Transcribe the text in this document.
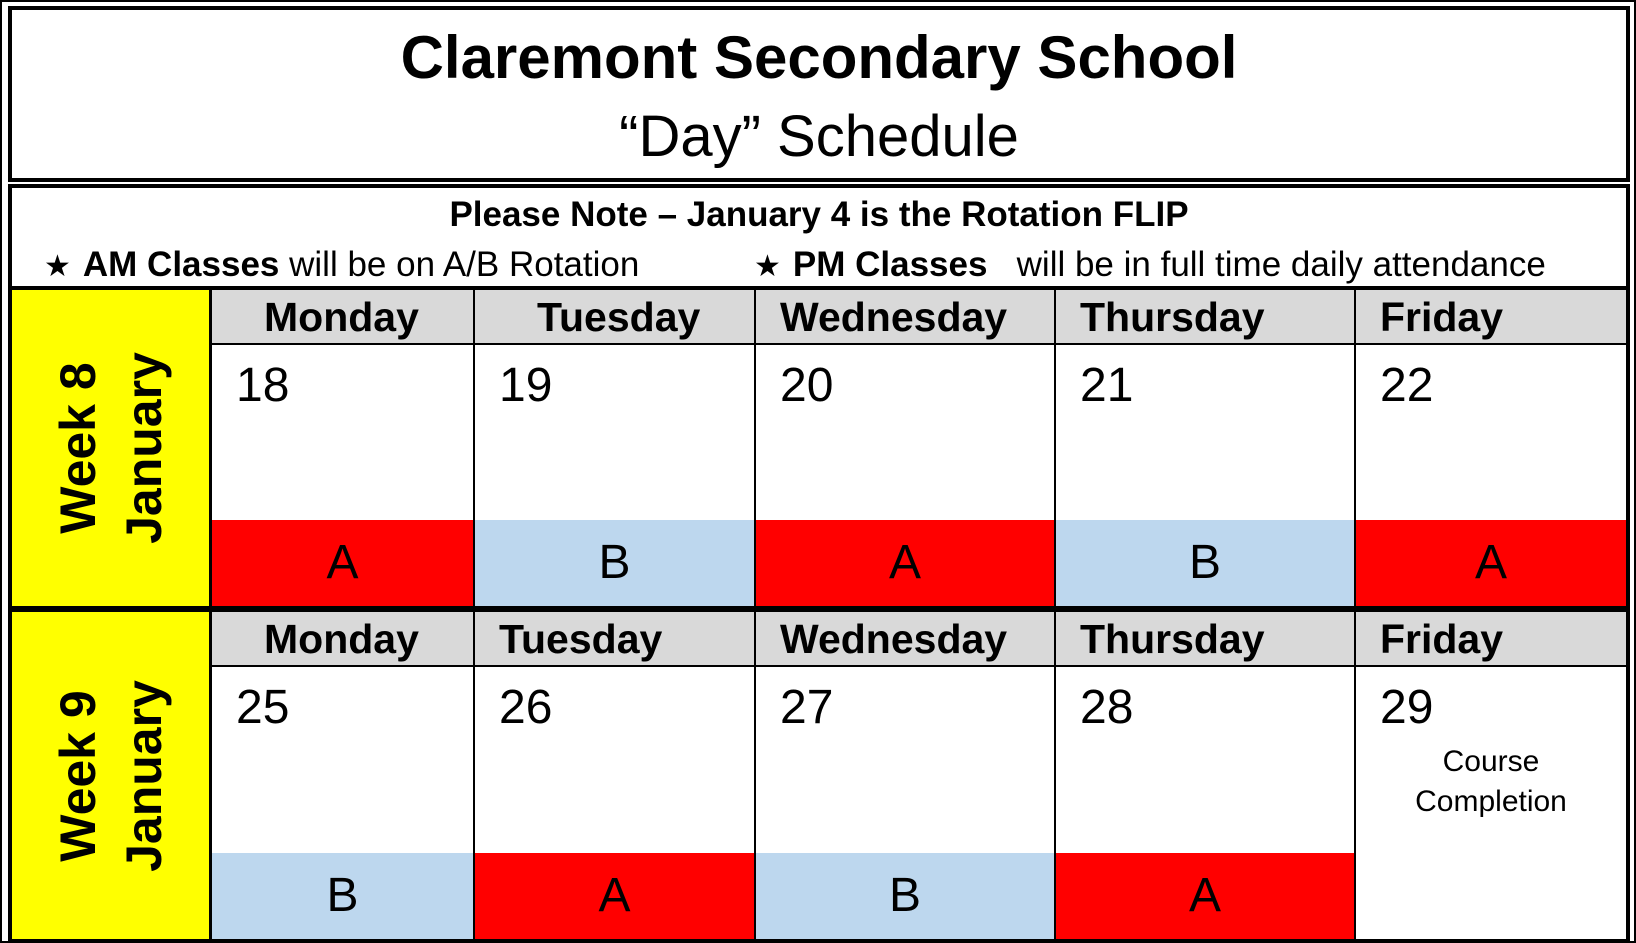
Claremont Secondary School
“Day” Schedule
Please Note – January 4 is the Rotation FLIP
★ AM Classes will be on A/B Rotation	★ PM Classes   will be in full time daily attendance
Week 8 January
Monday
18
A
Tuesday
19
B
Wednesday
20
A
Thursday
21
B
Friday
22
A
Week 9 January
Monday
25
B
Tuesday
26
A
Wednesday
27
B
Thursday
28
A
Friday
29
Course
Completion
